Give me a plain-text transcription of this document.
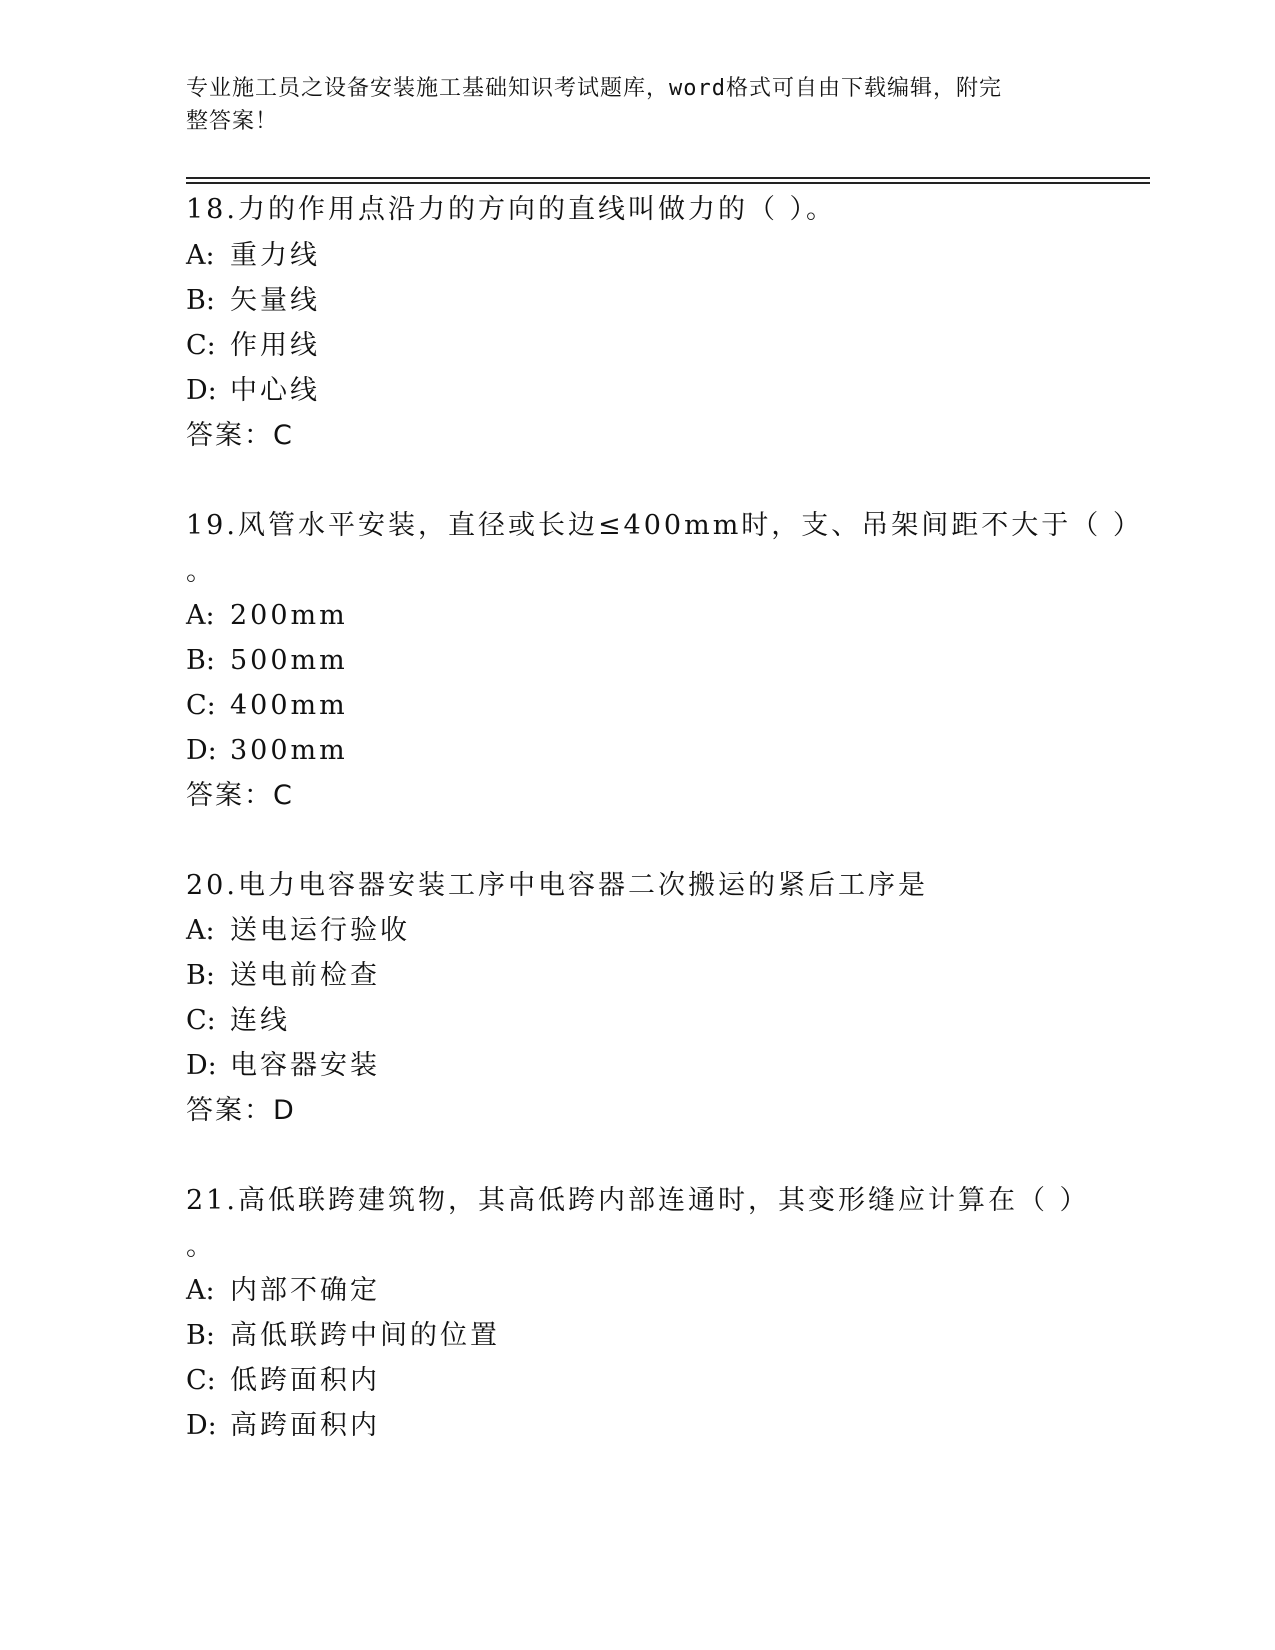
专业施工员之设备安装施工基础知识考试题库，word格式可自由下载编辑，附完
整答案！
18.力的作用点沿力的方向的直线叫做力的（ ）。
A: 重力线
B: 矢量线
C: 作用线
D: 中心线
答案：C
19.风管水平安装，直径或长边≤400mm时，支、吊架间距不大于（ ）
。
A: 200mm
B: 500mm
C: 400mm
D: 300mm
答案：C
20.电力电容器安装工序中电容器二次搬运的紧后工序是
A: 送电运行验收
B: 送电前检查
C: 连线
D: 电容器安装
答案：D
21.高低联跨建筑物，其高低跨内部连通时，其变形缝应计算在（ ）
。
A: 内部不确定
B: 高低联跨中间的位置
C: 低跨面积内
D: 高跨面积内
